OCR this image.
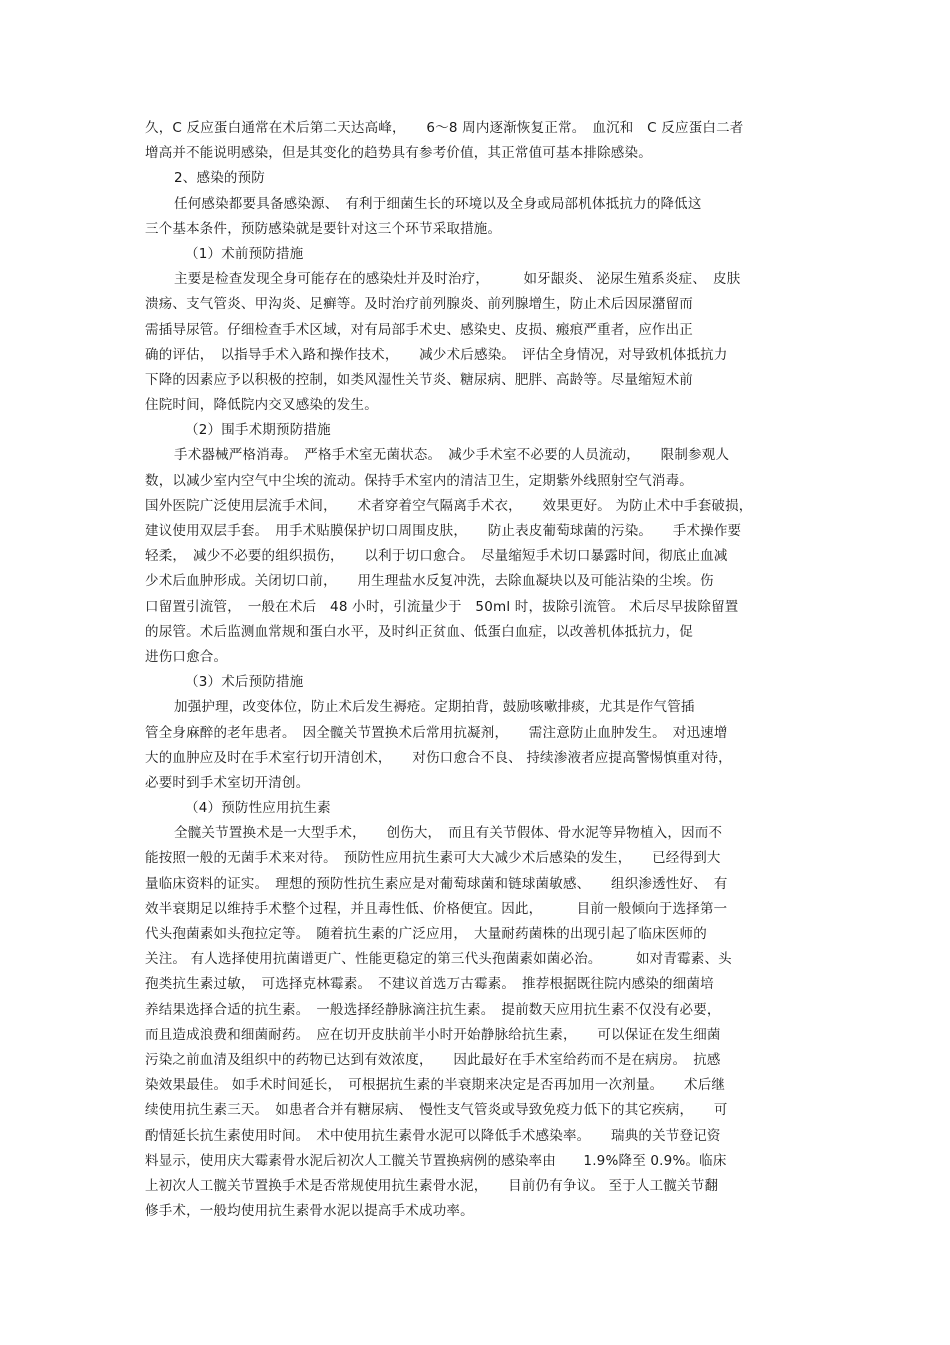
久，C 反应蛋白通常在术后第二天达高峰，　　6～8 周内逐渐恢复正常。　血沉和　C 反应蛋白二者
增高并不能说明感染，但是其变化的趋势具有参考价值，其正常值可基本排除感染。
2、感染的预防
任何感染都要具备感染源、　有利于细菌生长的环境以及全身或局部机体抵抗力的降低这
三个基本条件，预防感染就是要针对这三个环节采取措施。
（1）术前预防措施
主要是检查发现全身可能存在的感染灶并及时治疗，　　　如牙龈炎、 泌尿生殖系炎症、　皮肤
溃疡、支气管炎、甲沟炎、足癣等。及时治疗前列腺炎、前列腺增生，防止术后因尿潴留而
需插导尿管。仔细检查手术区域，对有局部手术史、感染史、皮损、瘢痕严重者，应作出正
确的评估，　以指导手术入路和操作技术，　　减少术后感染。　评估全身情况，对导致机体抵抗力
下降的因素应予以积极的控制，如类风湿性关节炎、糖尿病、肥胖、高龄等。尽量缩短术前
住院时间，降低院内交叉感染的发生。
（2）围手术期预防措施
手术器械严格消毒。　严格手术室无菌状态。　减少手术室不必要的人员流动，　　限制参观人
数，以减少室内空气中尘埃的流动。保持手术室内的清洁卫生，定期紫外线照射空气消毒。
国外医院广泛使用层流手术间，　　术者穿着空气隔离手术衣，　　效果更好。 为防止术中手套破损，
建议使用双层手套。　用手术贴膜保护切口周围皮肤，　　防止表皮葡萄球菌的污染。　　手术操作要
轻柔，　减少不必要的组织损伤，　　以利于切口愈合。　尽量缩短手术切口暴露时间，彻底止血减
少术后血肿形成。关闭切口前，　　用生理盐水反复冲洗，去除血凝块以及可能沾染的尘埃。伤
口留置引流管，　一般在术后　48 小时，引流量少于　50ml 时，拔除引流管。 术后尽早拔除留置
的尿管。术后监测血常规和蛋白水平，及时纠正贫血、低蛋白血症，以改善机体抵抗力，促
进伤口愈合。
（3）术后预防措施
加强护理，改变体位，防止术后发生褥疮。定期拍背，鼓励咳嗽排痰，尤其是作气管插
管全身麻醉的老年患者。　因全髋关节置换术后常用抗凝剂，　　需注意防止血肿发生。　对迅速增
大的血肿应及时在手术室行切开清创术，　　对伤口愈合不良、 持续渗液者应提高警惕慎重对待，
必要时到手术室切开清创。
（4）预防性应用抗生素
全髋关节置换术是一大型手术，　　创伤大，　而且有关节假体、骨水泥等异物植入，因而不
能按照一般的无菌手术来对待。　预防性应用抗生素可大大减少术后感染的发生，　　已经得到大
量临床资料的证实。　理想的预防性抗生素应是对葡萄球菌和链球菌敏感、　　组织渗透性好、　有
效半衰期足以维持手术整个过程，并且毒性低、价格便宜。因此，　　　目前一般倾向于选择第一
代头孢菌素如头孢拉定等。　随着抗生素的广泛应用，　大量耐药菌株的出现引起了临床医师的
关注。 有人选择使用抗菌谱更广、性能更稳定的第三代头孢菌素如菌必治。　　　如对青霉素、头
孢类抗生素过敏，　可选择克林霉素。　不建议首选万古霉素。　推荐根据既往院内感染的细菌培
养结果选择合适的抗生素。　一般选择经静脉滴注抗生素。　提前数天应用抗生素不仅没有必要，
而且造成浪费和细菌耐药。　应在切开皮肤前半小时开始静脉给抗生素，　　可以保证在发生细菌
污染之前血清及组织中的药物已达到有效浓度，　　因此最好在手术室给药而不是在病房。　抗感
染效果最佳。 如手术时间延长，　可根据抗生素的半衰期来决定是否再加用一次剂量。　　术后继
续使用抗生素三天。　如患者合并有糖尿病、　慢性支气管炎或导致免疫力低下的其它疾病，　　可
酌情延长抗生素使用时间。　术中使用抗生素骨水泥可以降低手术感染率。　　瑞典的关节登记资
料显示，使用庆大霉素骨水泥后初次人工髋关节置换病例的感染率由　　1.9%降至 0.9%。临床
上初次人工髋关节置换手术是否常规使用抗生素骨水泥，　　目前仍有争议。 至于人工髋关节翻
修手术，一般均使用抗生素骨水泥以提高手术成功率。
